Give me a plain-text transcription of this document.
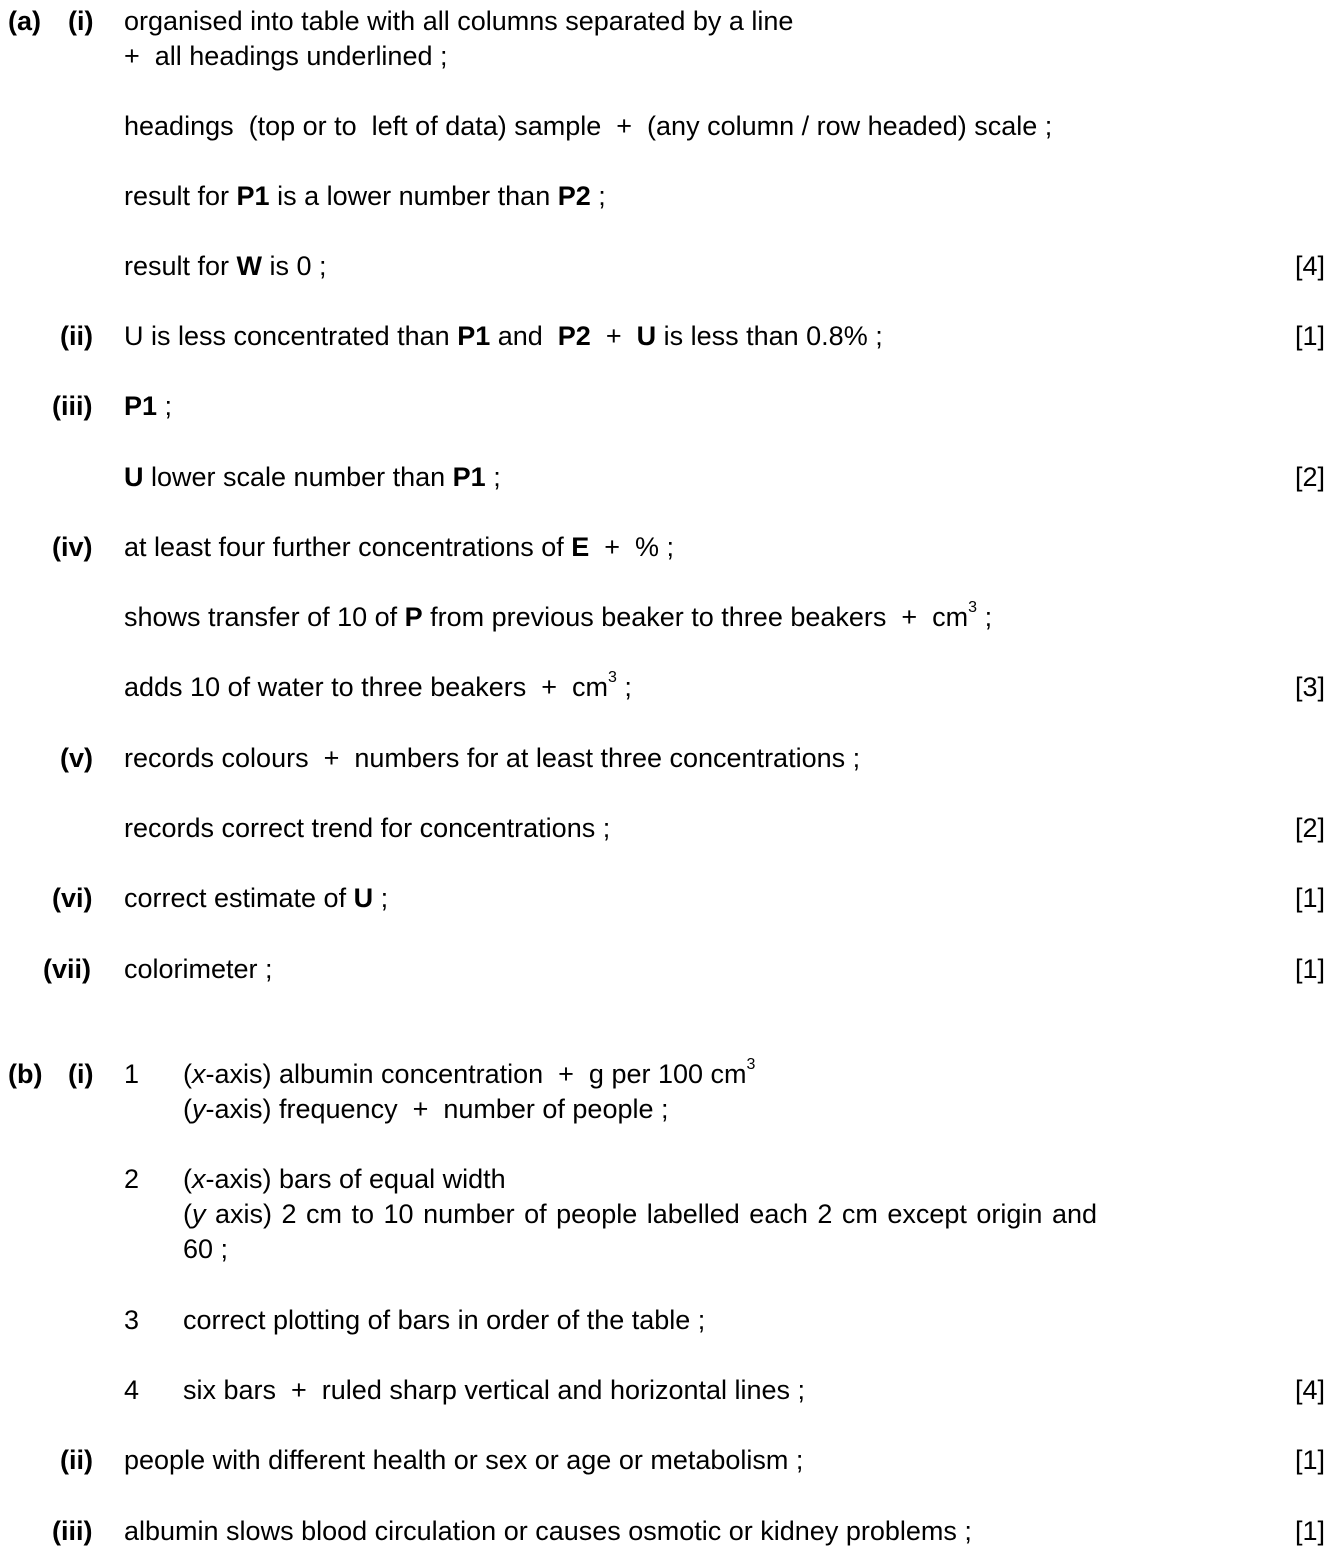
(a) (i) organised into table with all columns separated by a line
+  all headings underlined ;
headings  (top or to  left of data) sample  +  (any column / row headed) scale ;
result for P1 is a lower number than P2 ;
result for W is 0 ;	[4]
(ii) U is less concentrated than P1 and  P2  +  U is less than 0.8% ;	[1]
(iii) P1 ;
U lower scale number than P1 ;	[2]
(iv) at least four further concentrations of E  +  % ;
shows transfer of 10 of P from previous beaker to three beakers  +  $cm^3$ ;
adds 10 of water to three beakers  +  $cm^3$ ;	[3]
(v) records colours  +  numbers for at least three concentrations ;
records correct trend for concentrations ;	[2]
(vi) correct estimate of U ;	[1]
(vii) colorimeter ;	[1]
(b) (i) 1 (x-axis) albumin concentration  +  g per 100 $cm^3$
(y-axis) frequency  +  number of people ;
2 (x-axis) bars of equal width
(y axis) 2 cm to 10 number of people labelled each 2 cm except origin and
60 ;
3 correct plotting of bars in order of the table ;
4 six bars  +  ruled sharp vertical and horizontal lines ;	[4]
(ii) people with different health or sex or age or metabolism ;	[1]
(iii) albumin slows blood circulation or causes osmotic or kidney problems ;	[1]
